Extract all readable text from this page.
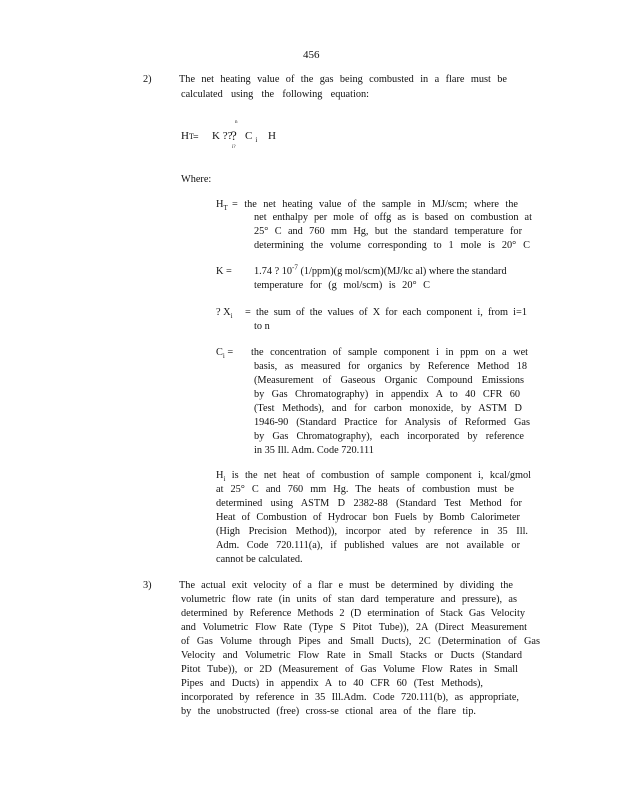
456
2)	The net heating value of the gas being combusted in a flare must be
calculated using the following equation:
HT = K ??
n
?
i?
C $_i$ H
Where:
$H_T$ = the net heating value of the sample in MJ/scm; where the
net enthalpy per mole of offg as is based on combustion at
25° C and 760 mm Hg, but the standard temperature for
determining the volume corresponding to 1 mole is 20° C
K = 1.74 ? $10^{-7}$ (1/ppm)(g mol/scm)(MJ/kc al) where the standard
temperature for (g mol/scm) is 20° C
? $X_i$ = the sum of the values of X for each component i, from i=1
to n
$C_i$ = the concentration of sample component i in ppm on a wet
basis, as measured for organics by Reference Method 18
(Measurement of Gaseous Organic Compound Emissions
by Gas Chromatography) in appendix A to 40 CFR 60
(Test Methods), and for carbon monoxide, by ASTM D
1946-90 (Standard Practice for Analysis of Reformed Gas
by Gas Chromatography), each incorporated by reference
in 35 Ill. Adm. Code 720.111
$H_i$ is the net heat of combustion of sample component i, kcal/gmol
at 25° C and 760 mm Hg. The heats of combustion must be
determined using ASTM D 2382-88 (Standard Test Method for
Heat of Combustion of Hydrocar bon Fuels by Bomb Calorimeter
(High Precision Method)), incorpor ated by reference in 35 Ill.
Adm. Code 720.111(a), if published values are not available or
cannot be calculated.
3)	The actual exit velocity of a flar e must be determined by dividing the
volumetric flow rate (in units of stan dard temperature and pressure), as
determined by Reference Methods 2 (D etermination of Stack Gas Velocity
and Volumetric Flow Rate (Type S Pitot Tube)), 2A (Direct Measurement
of Gas Volume through Pipes and Small Ducts), 2C (Determination of Gas
Velocity and Volumetric Flow Rate in Small Stacks or Ducts (Standard
Pitot Tube)), or 2D (Measurement of Gas Volume Flow Rates in Small
Pipes and Ducts) in appendix A to 40 CFR 60 (Test Methods),
incorporated by reference in 35 Ill.Adm. Code 720.111(b), as appropriate,
by the unobstructed (free) cross-se ctional area of the flare tip.
